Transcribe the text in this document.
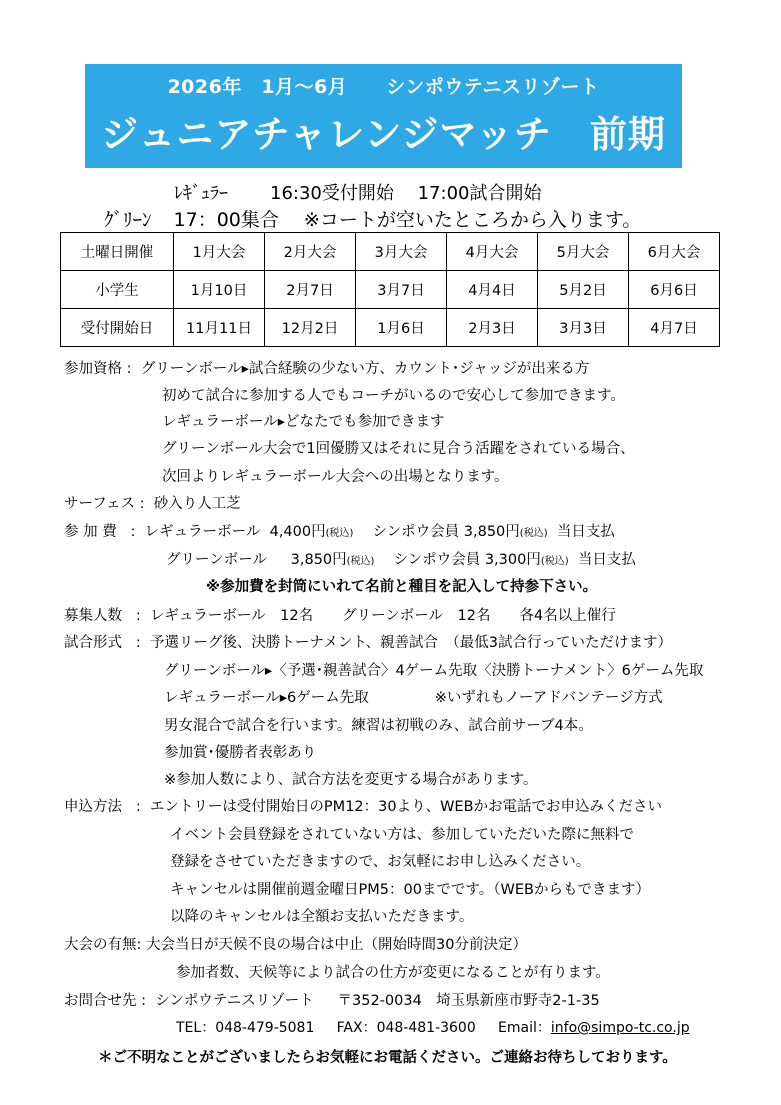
2026年　1月～6月　　シンポウテニスリゾート
ジュニアチャレンジマッチ　前期
ﾚｷﾞｭﾗｰ 16:30受付開始　 17:00試合開始
ｸﾞﾘｰﾝ 17：00集合　 ※コートが空いたところから入ります。
土曜日開催	1月大会	2月大会	3月大会	4月大会	5月大会	6月大会
小学生	1月10日	2月7日	3月7日	4月4日	5月2日	6月6日
受付開始日	11月11日	12月2日	1月6日	2月3日	3月3日	4月7日
参加資格 :  グリーンボール▸試合経験の少ない方、カウント･ジャッジが出来る方
初めて試合に参加する人でもコーチがいるので安心して参加できます。
レギュラーボール▸どなたでも参加できます
グリーンボール大会で1回優勝又はそれに見合う活躍をされている場合、
次回よりレギュラーボール大会への出場となります。
サーフェス :  砂入り人工芝
参 加 費   :  レギュラーボール 4,400円(税込)　 シンポウ会員 3,850円(税込) 当日支払
グリーンボール　 3,850円(税込)　 シンポウ会員 3,300円(税込) 当日支払
※参加費を封筒にいれて名前と種目を記入して持参下さい。
募集人数   :  レギュラーボール　12名　　グリーンボール　12名　　各4名以上催行
試合形式   :  予選リーグ後、決勝トーナメント、親善試合　（最低3試合行っていただけます）
グリーンボール▸〈予選･親善試合〉4ゲーム先取〈決勝トーナメント〉6ゲーム先取
レギュラーボール▸6ゲーム先取	※いずれもノーアドバンテージ方式
男女混合で試合を行います。練習は初戦のみ、試合前サーブ4本。
参加賞･優勝者表彰あり
※参加人数により、試合方法を変更する場合があります。
申込方法   :  エントリーは受付開始日のPM12：30より、WEBかお電話でお申込みください
イベント会員登録をされていない方は、参加していただいた際に無料で
登録をさせていただきますので、お気軽にお申し込みください。
キャンセルは開催前週金曜日PM5：00までです。（WEBからもできます）
以降のキャンセルは全額お支払いただきます。
大会の有無: 大会当日が天候不良の場合は中止（開始時間30分前決定）
参加者数、天候等により試合の仕方が変更になることが有ります。
お問合せ先 :  シンポウテニスリゾート　 〒352-0034　埼玉県新座市野寺2-1-35
TEL：048-479-5081 FAX：048-481-3600 Email：info@simpo-tc.co.jp
＊ご不明なことがございましたらお気軽にお電話ください。ご連絡お待ちしております。
